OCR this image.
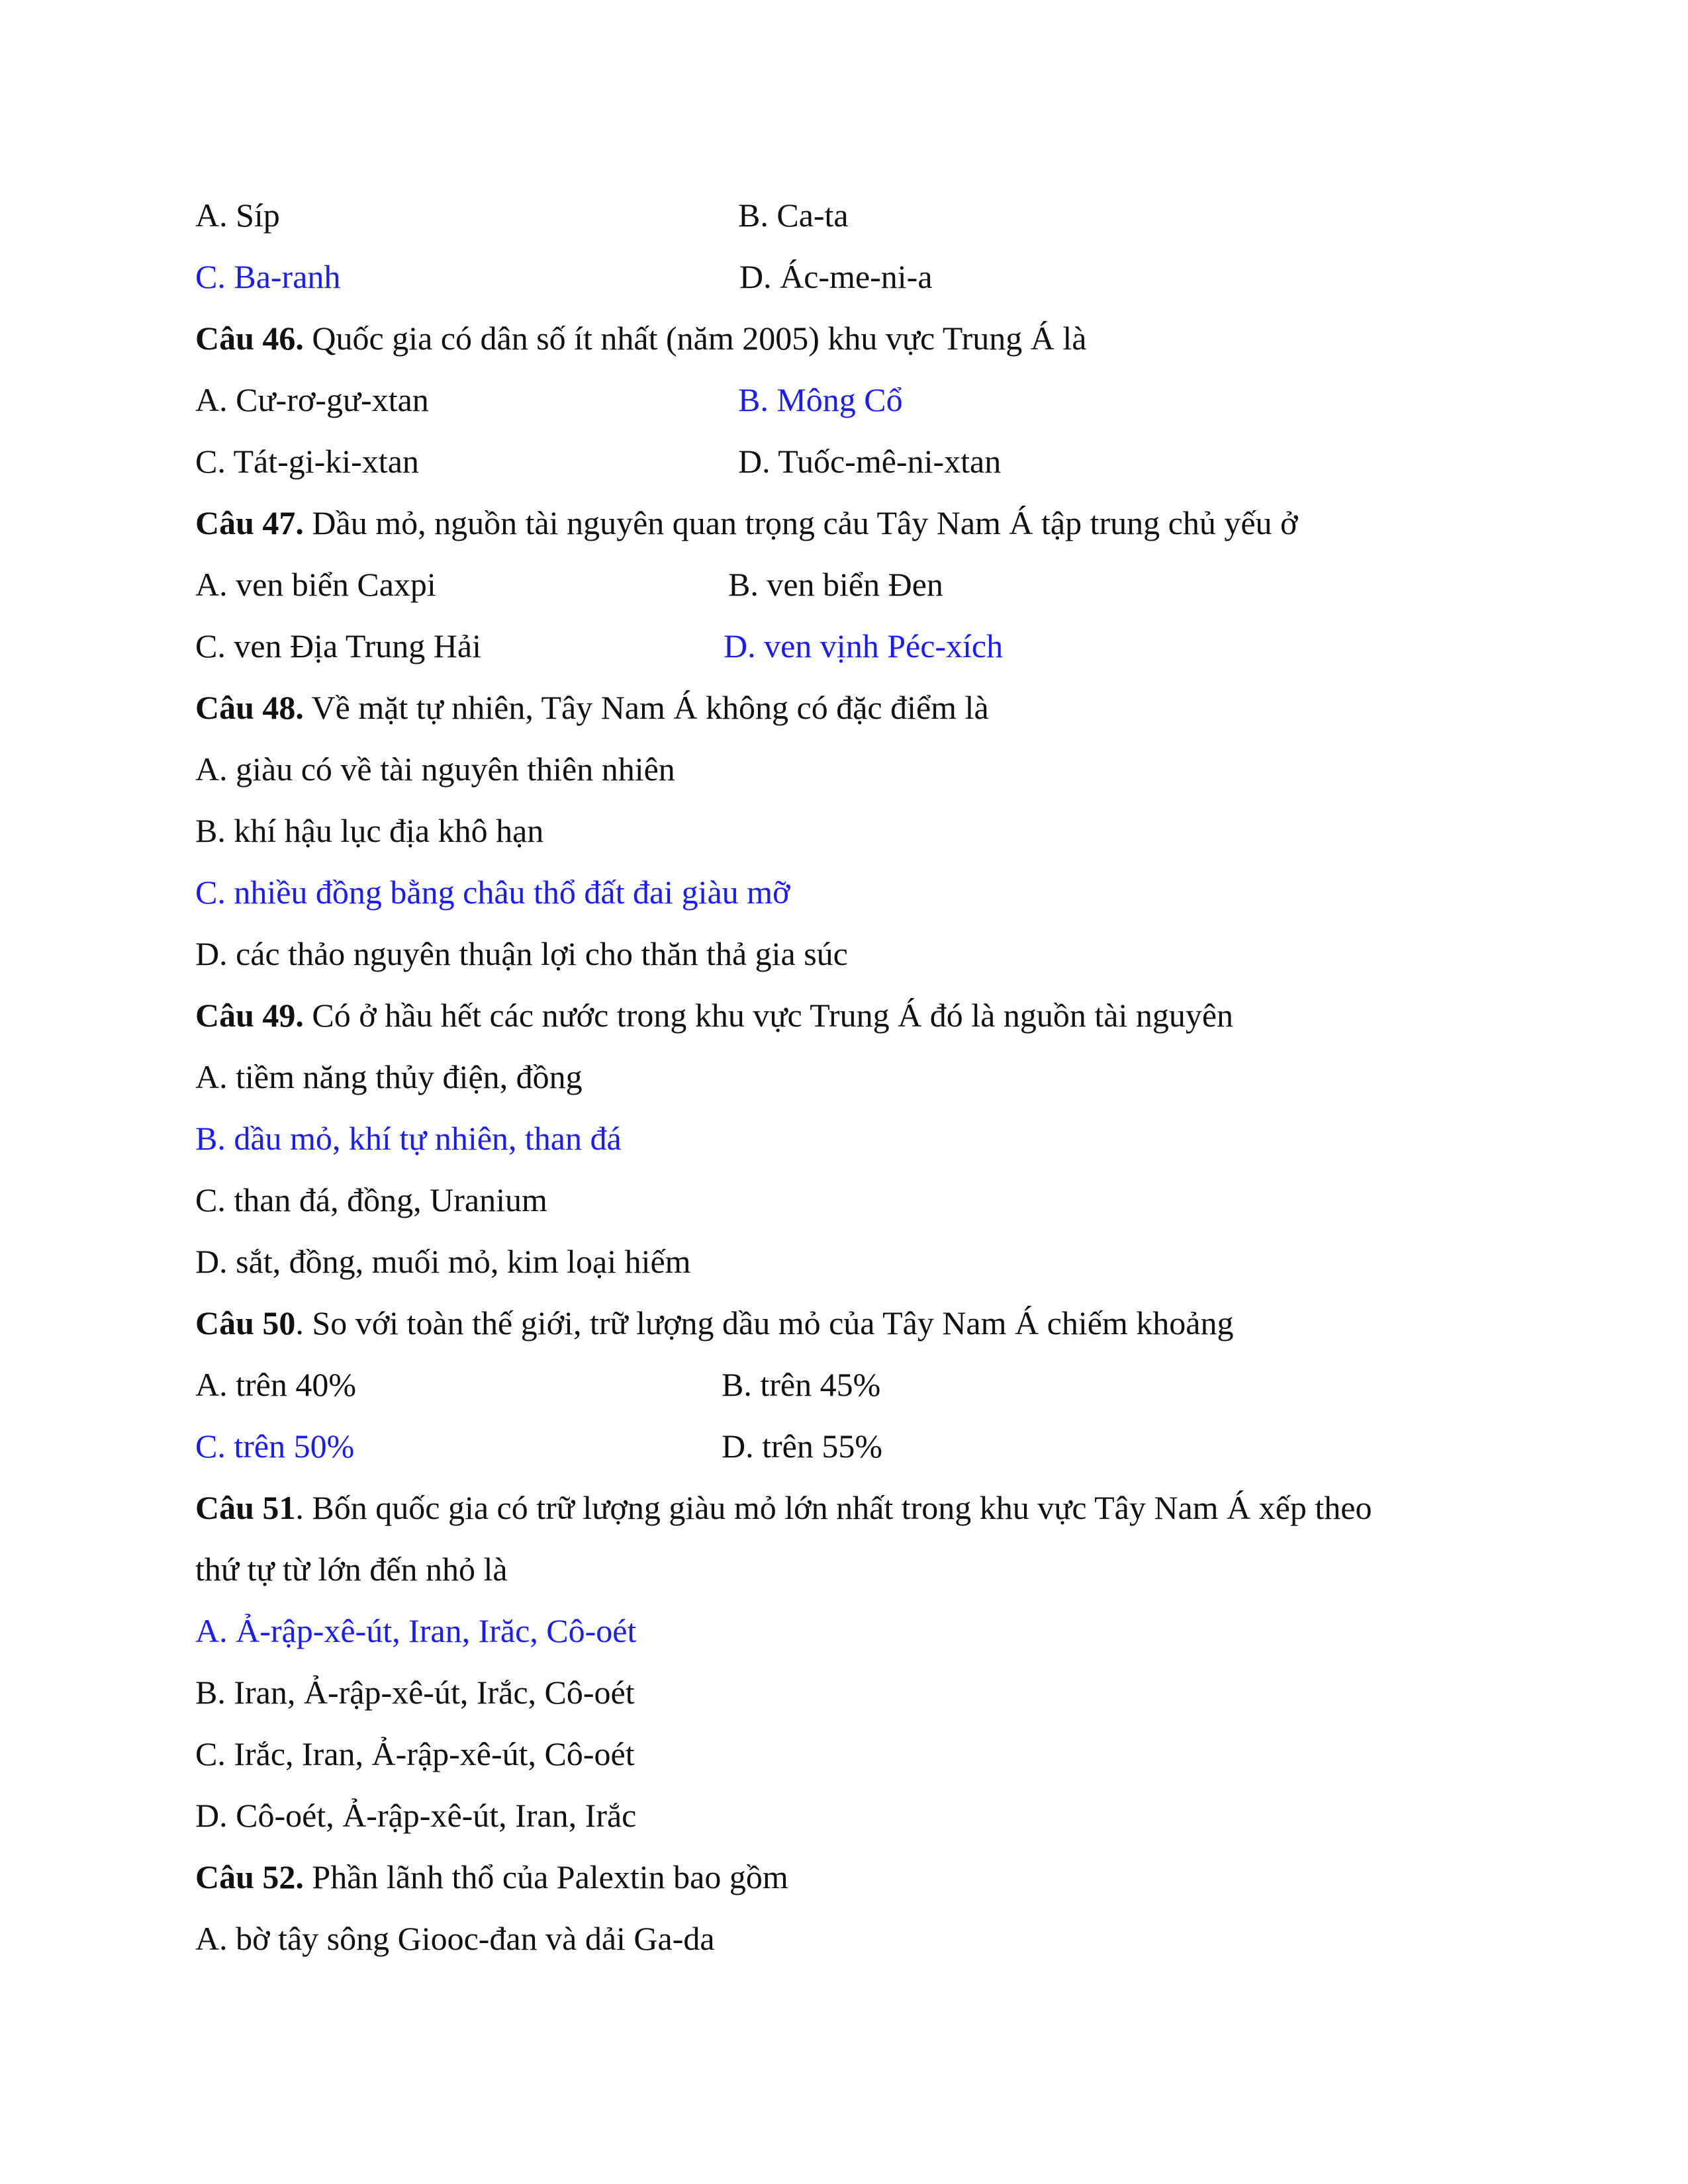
A. Síp	B. Ca-ta
C. Ba-ranh	D. Ác-me-ni-a
Câu 46. Quốc gia có dân số ít nhất (năm 2005) khu vực Trung Á là
A. Cư-rơ-gư-xtan	B. Mông Cổ
C. Tát-gi-ki-xtan	D. Tuốc-mê-ni-xtan
Câu 47. Dầu mỏ, nguồn tài nguyên quan trọng cảu Tây Nam Á tập trung chủ yếu ở
A. ven biển Caxpi	B. ven biển Đen
C. ven Địa Trung Hải	D. ven vịnh Péc-xích
Câu 48. Về mặt tự nhiên, Tây Nam Á không có đặc điểm là
A. giàu có về tài nguyên thiên nhiên
B. khí hậu lục địa khô hạn
C. nhiều đồng bằng châu thổ đất đai giàu mỡ
D. các thảo nguyên thuận lợi cho thăn thả gia súc
Câu 49. Có ở hầu hết các nước trong khu vực Trung Á đó là nguồn tài nguyên
A. tiềm năng thủy điện, đồng
B. dầu mỏ, khí tự nhiên, than đá
C. than đá, đồng, Uranium
D. sắt, đồng, muối mỏ, kim loại hiếm
Câu 50. So với toàn thế giới, trữ lượng dầu mỏ của Tây Nam Á chiếm khoảng
A. trên 40%	B. trên 45%
C. trên 50%	D. trên 55%
Câu 51. Bốn quốc gia có trữ lượng giàu mỏ lớn nhất trong khu vực Tây Nam Á xếp theo
thứ tự từ lớn đến nhỏ là
A. Ả-rập-xê-út, Iran, Irăc, Cô-oét
B. Iran, Ả-rập-xê-út, Irắc, Cô-oét
C. Irắc, Iran, Ả-rập-xê-út, Cô-oét
D. Cô-oét, Ả-rập-xê-út, Iran, Irắc
Câu 52. Phần lãnh thổ của Palextin bao gồm
A. bờ tây sông Giooc-đan và dải Ga-da
